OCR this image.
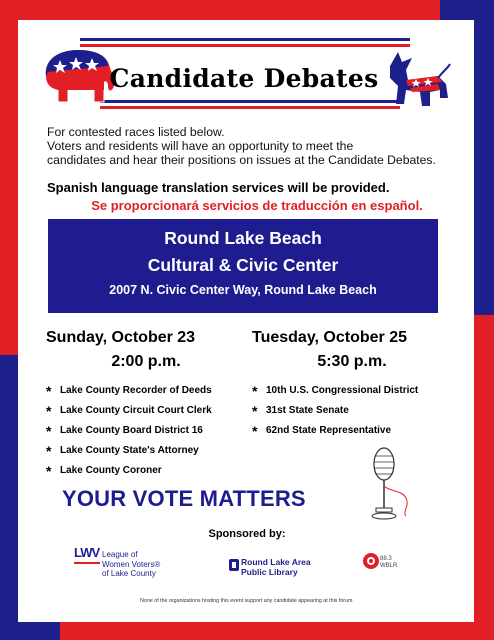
Candidate Debates
For contested races listed below.
Voters and residents will have an opportunity to meet the
candidates and hear their positions on issues at the Candidate Debates.
Spanish language translation services will be provided.
Se proporcionará servicios de traducción en español.
Round Lake Beach
Cultural & Civic Center
2007 N. Civic Center Way, Round Lake Beach
Sunday, October 23
2:00 p.m.
* Lake County Recorder of Deeds
* Lake County Circuit Court Clerk
* Lake County Board District 16
* Lake County State's Attorney
* Lake County Coroner
Tuesday, October 25
5:30 p.m.
* 10th U.S. Congressional District
* 31st State Senate
* 62nd State Representative
YOUR VOTE MATTERS
Sponsored by:
LWV League of
Women Voters®
of Lake County
Round Lake Area
Public Library
88.3
WBLR
None of the organizations hosting this event support any candidate appearing at this forum.
